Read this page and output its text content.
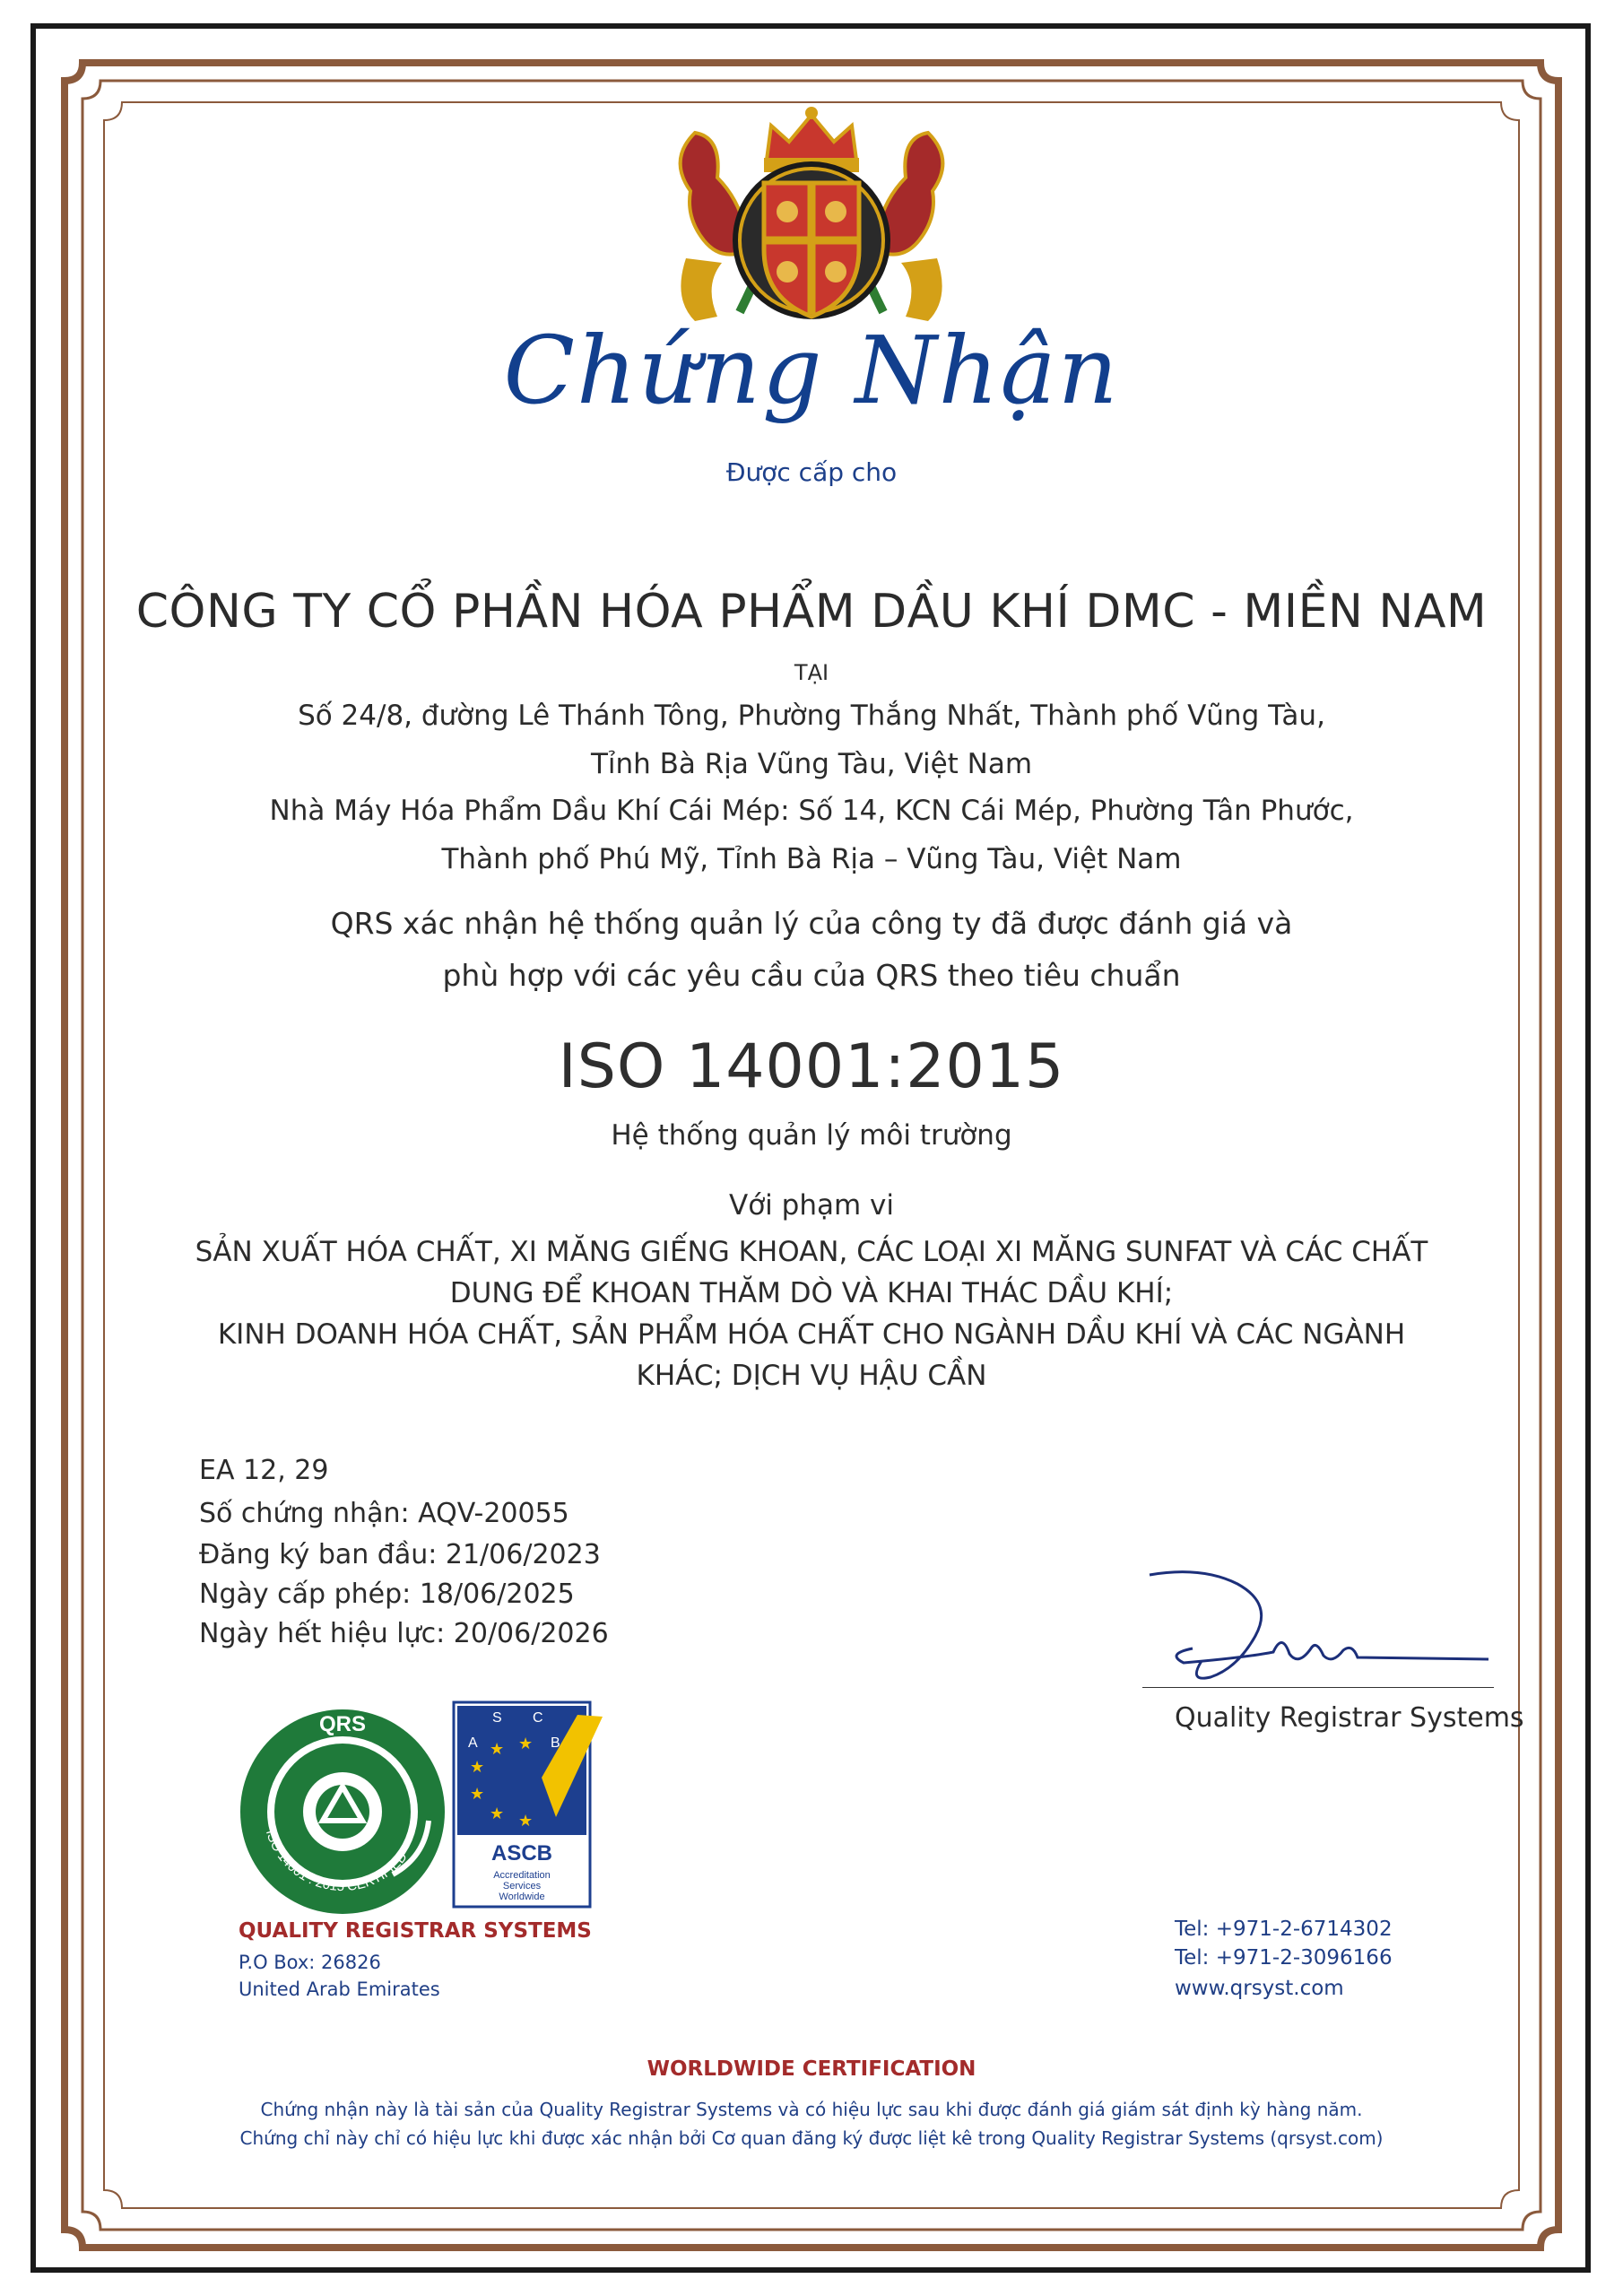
Chứng Nhận
Được cấp cho
CÔNG TY CỔ PHẦN HÓA PHẨM DẦU KHÍ DMC - MIỀN NAM
TẠI
Số 24/8, đường Lê Thánh Tông, Phường Thắng Nhất, Thành phố Vũng Tàu,
Tỉnh Bà Rịa Vũng Tàu, Việt Nam
Nhà Máy Hóa Phẩm Dầu Khí Cái Mép: Số 14, KCN Cái Mép, Phường Tân Phước,
Thành phố Phú Mỹ, Tỉnh Bà Rịa – Vũng Tàu, Việt Nam
QRS xác nhận hệ thống quản lý của công ty đã được đánh giá và
phù hợp với các yêu cầu của QRS theo tiêu chuẩn
ISO 14001:2015
Hệ thống quản lý môi trường
Với phạm vi
SẢN XUẤT HÓA CHẤT, XI MĂNG GIẾNG KHOAN, CÁC LOẠI XI MĂNG SUNFAT VÀ CÁC CHẤT
DUNG ĐỂ KHOAN THĂM DÒ VÀ KHAI THÁC DẦU KHÍ;
KINH DOANH HÓA CHẤT, SẢN PHẨM HÓA CHẤT CHO NGÀNH DẦU KHÍ VÀ CÁC NGÀNH
KHÁC; DỊCH VỤ HẬU CẦN
EA 12, 29
Số chứng nhận: AQV-20055
Đăng ký ban đầu: 21/06/2023
Ngày cấp phép: 18/06/2025
Ngày hết hiệu lực: 20/06/2026
Quality Registrar Systems
QRS
ISO 14001 : 2015 CERTIFIED
S C
B
A
★
★ ★
★
★ ★
ASCB
Accreditation
Services
Worldwide
QUALITY REGISTRAR SYSTEMS
P.O Box: 26826
United Arab Emirates
Tel: +971-2-6714302
Tel: +971-2-3096166
www.qrsyst.com
WORLDWIDE CERTIFICATION
Chứng nhận này là tài sản của Quality Registrar Systems và có hiệu lực sau khi được đánh giá giám sát định kỳ hàng năm.
Chứng chỉ này chỉ có hiệu lực khi được xác nhận bởi Cơ quan đăng ký được liệt kê trong Quality Registrar Systems (qrsyst.com)
